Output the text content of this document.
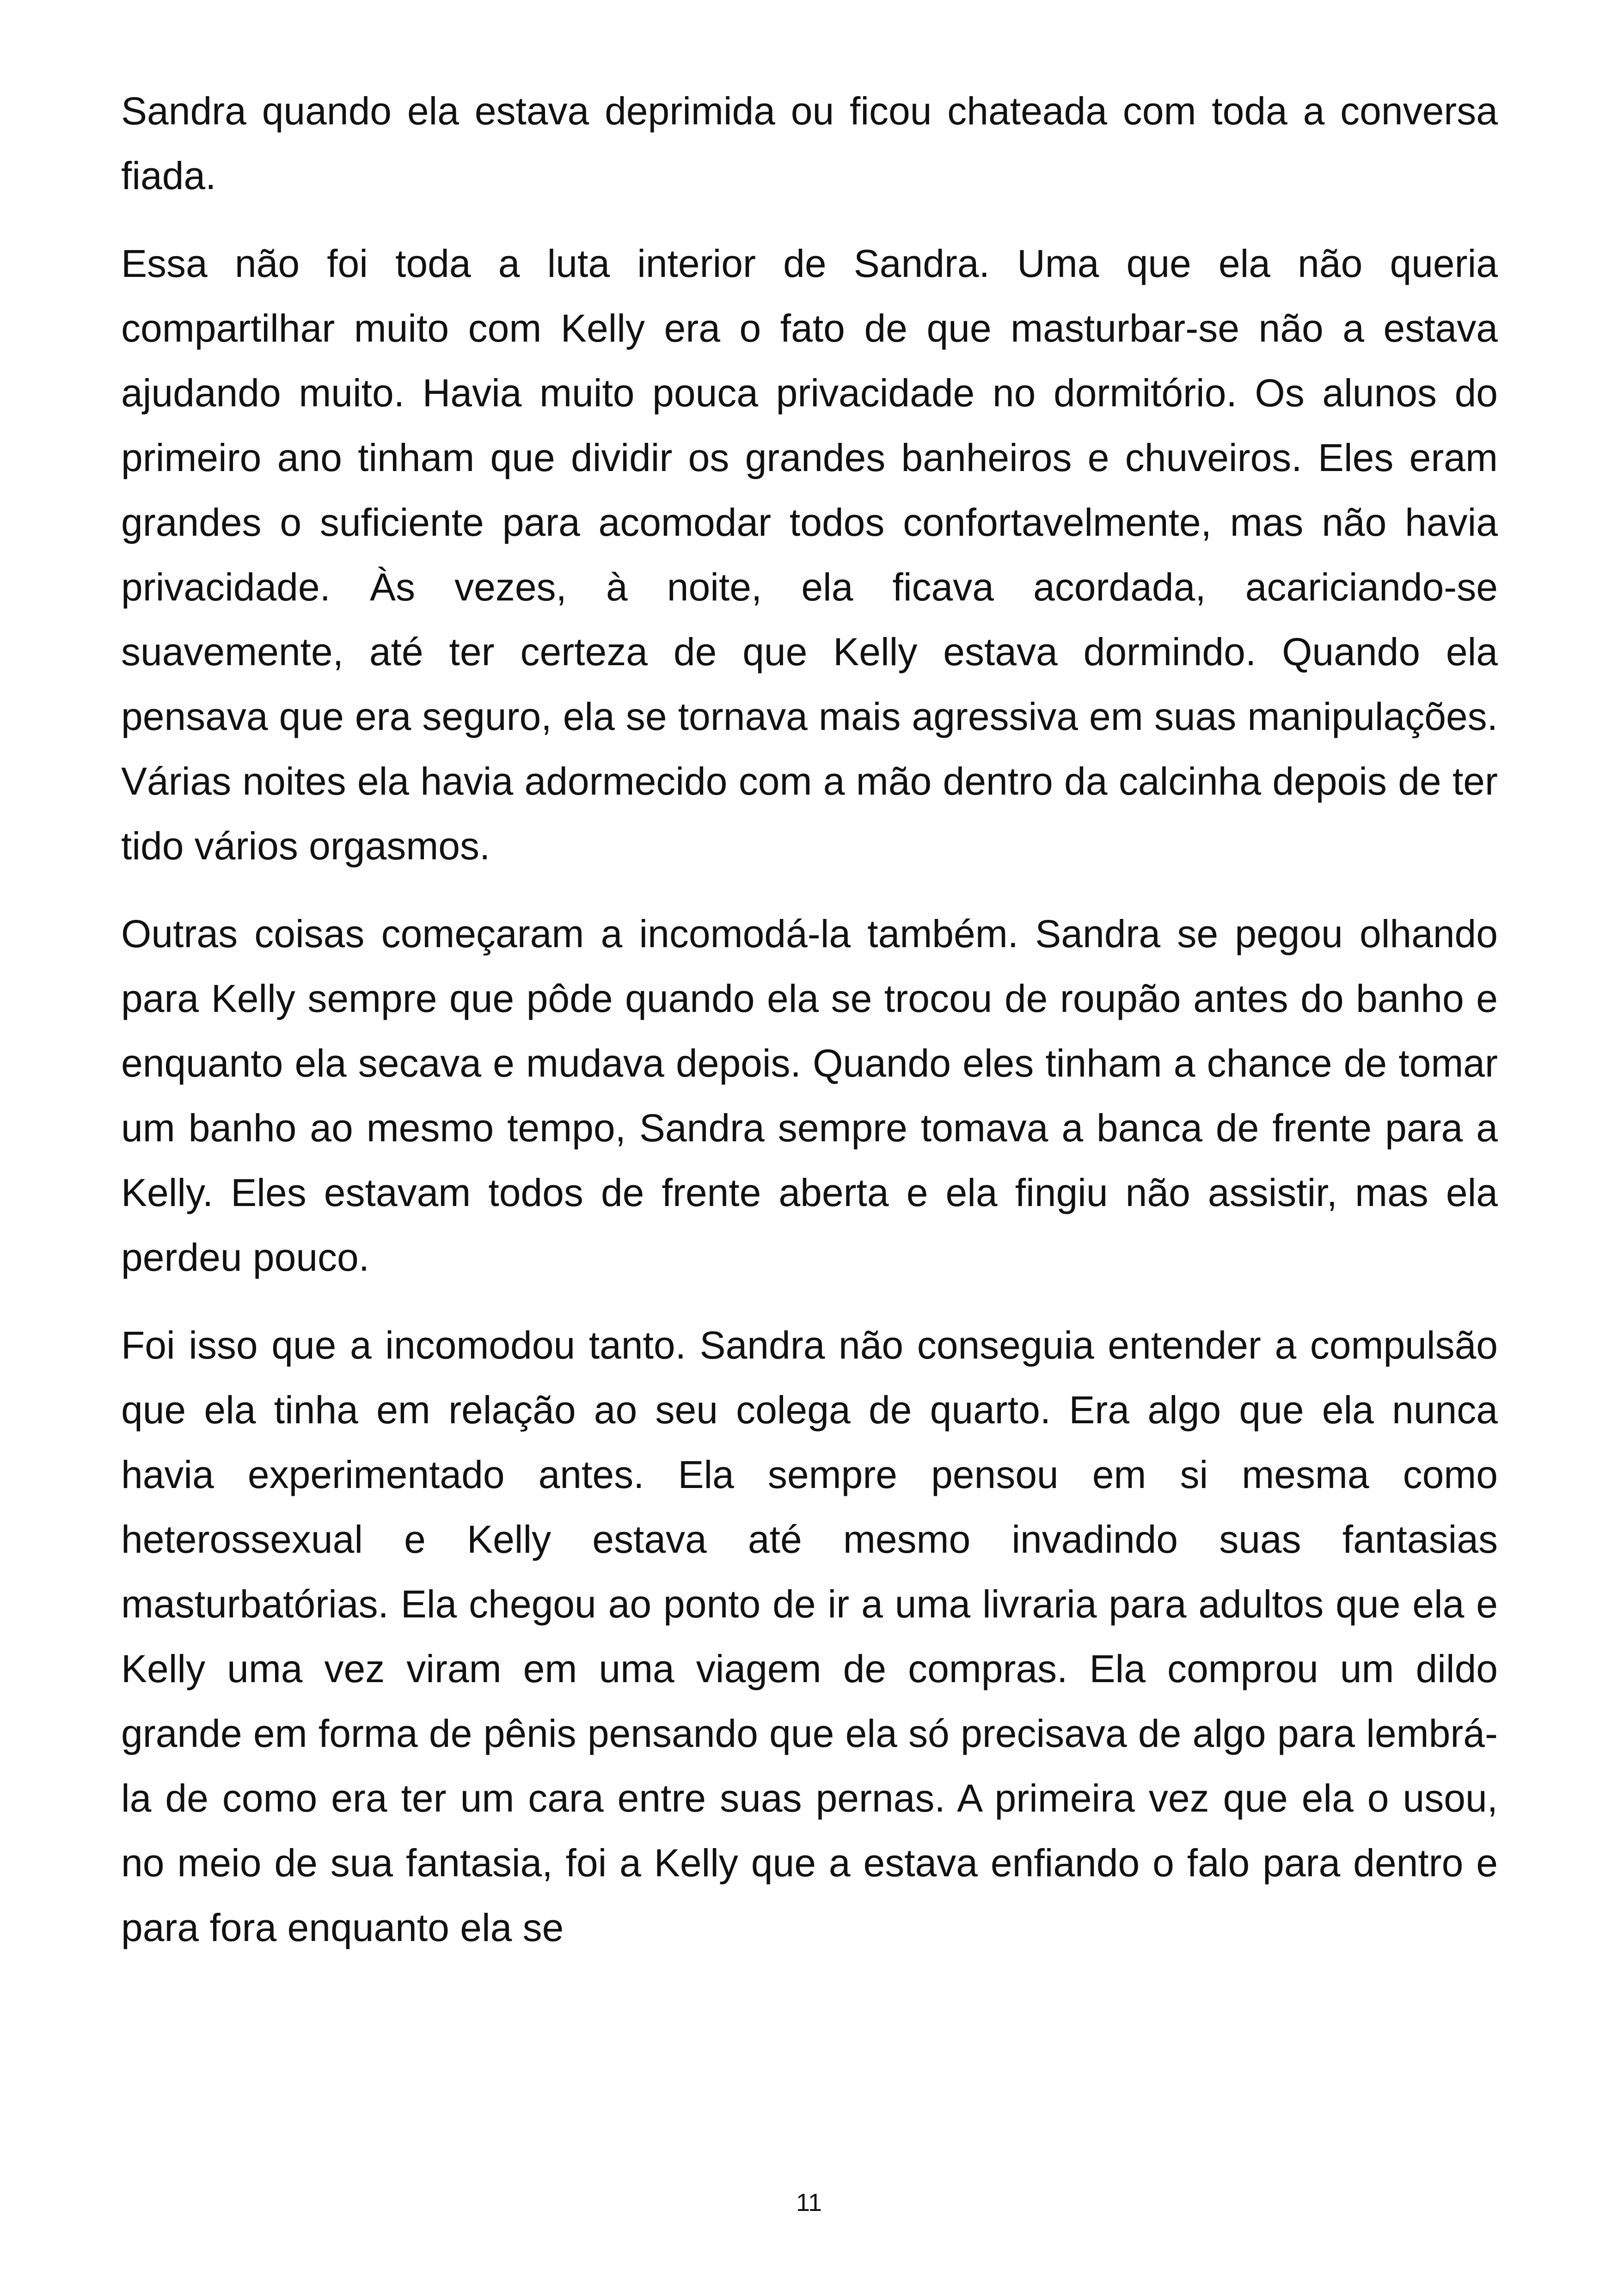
Sandra quando ela estava deprimida ou ficou chateada com toda a conversa fiada.

Essa não foi toda a luta interior de Sandra. Uma que ela não queria compartilhar muito com Kelly era o fato de que masturbar-se não a estava ajudando muito. Havia muito pouca privacidade no dormitório. Os alunos do primeiro ano tinham que dividir os grandes banheiros e chuveiros. Eles eram grandes o suficiente para acomodar todos confortavelmente, mas não havia privacidade. Às vezes, à noite, ela ficava acordada, acariciando-se suavemente, até ter certeza de que Kelly estava dormindo. Quando ela pensava que era seguro, ela se tornava mais agressiva em suas manipulações. Várias noites ela havia adormecido com a mão dentro da calcinha depois de ter tido vários orgasmos.

Outras coisas começaram a incomodá-la também. Sandra se pegou olhando para Kelly sempre que pôde quando ela se trocou de roupão antes do banho e enquanto ela secava e mudava depois. Quando eles tinham a chance de tomar um banho ao mesmo tempo, Sandra sempre tomava a banca de frente para a Kelly. Eles estavam todos de frente aberta e ela fingiu não assistir, mas ela perdeu pouco.

Foi isso que a incomodou tanto. Sandra não conseguia entender a compulsão que ela tinha em relação ao seu colega de quarto. Era algo que ela nunca havia experimentado antes. Ela sempre pensou em si mesma como heterossexual e Kelly estava até mesmo invadindo suas fantasias masturbatórias. Ela chegou ao ponto de ir a uma livraria para adultos que ela e Kelly uma vez viram em uma viagem de compras. Ela comprou um dildo grande em forma de pênis pensando que ela só precisava de algo para lembrá-la de como era ter um cara entre suas pernas. A primeira vez que ela o usou, no meio de sua fantasia, foi a Kelly que a estava enfiando o falo para dentro e para fora enquanto ela se

11
